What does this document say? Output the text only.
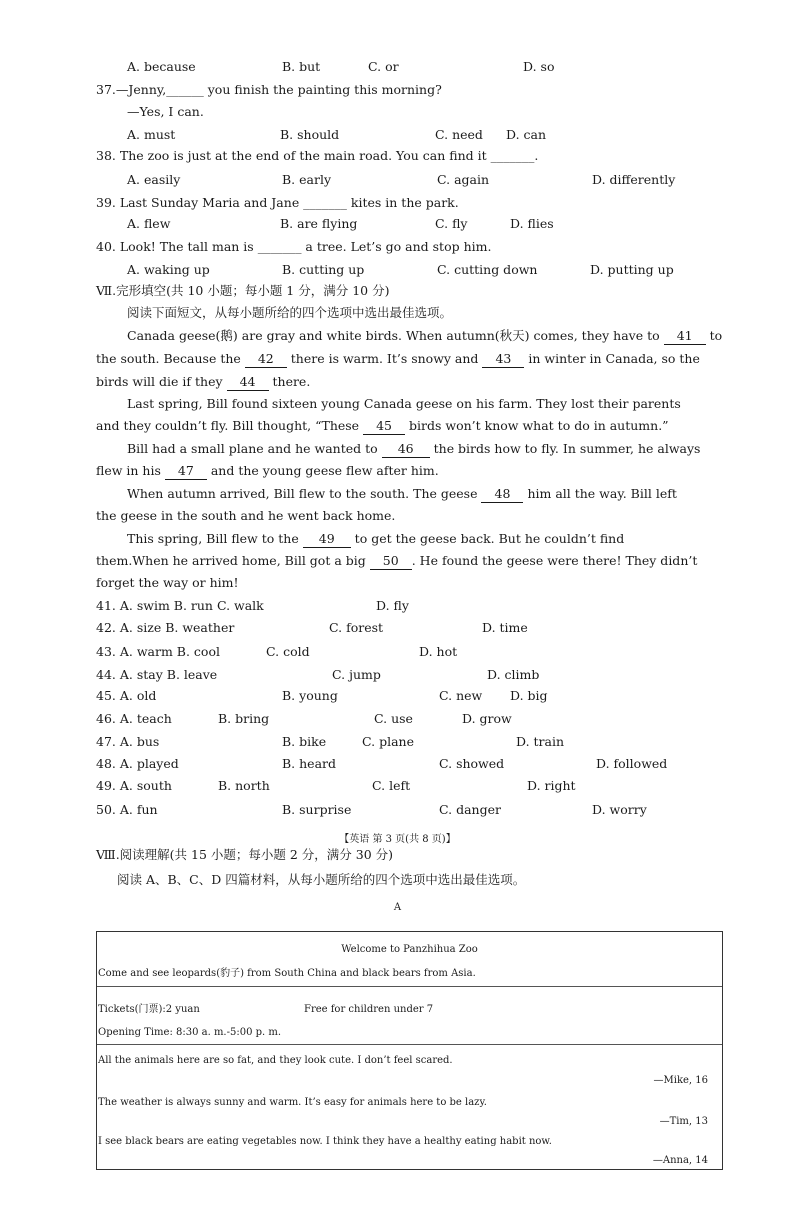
A. because	B. but	C. or	D. so
37.—Jenny,______ you finish the painting this morning?
—Yes, I can.
A. must	B. should	C. need D. can
38. The zoo is just at the end of the main road. You can find it _______.
A. easily	B. early	C. again	D. differently
39. Last Sunday Maria and Jane _______ kites in the park.
A. flew	B. are flying	C. fly	D. flies
40. Look! The tall man is _______ a tree. Let’s go and stop him.
A. waking up	B. cutting up	C. cutting down	D. putting up
Ⅶ.完形填空(共 10 小题；每小题 1 分，满分 10 分)
阅读下面短文，从每小题所给的四个选项中选出最佳选项。
Canada geese(鹅) are gray and white birds. When autumn(秋天) comes, they have to 41 to
the south. Because the 42 there is warm. It’s snowy and 43 in winter in Canada, so the
birds will die if they 44 there.
Last spring, Bill found sixteen young Canada geese on his farm. They lost their parents
and they couldn’t fly. Bill thought, “These 45 birds won’t know what to do in autumn.”
Bill had a small plane and he wanted to 46 the birds how to fly. In summer, he always
flew in his 47 and the young geese flew after him.
When autumn arrived, Bill flew to the south. The geese 48 him all the way. Bill left
the geese in the south and he went back home.
This spring, Bill flew to the 49 to get the geese back. But he couldn’t find
them.When he arrived home, Bill got a big 50 . He found the geese were there! They didn’t
forget the way or him!
41. A. swim B. run C. walk	D. fly
42. A. size B. weather	C. forest	D. time
43. A. warm B. cool	C. cold	D. hot
44. A. stay B. leave	C. jump	D. climb
45. A. old	B. young	C. new D. big
46. A. teach	B. bring	C. use	D. grow
47. A. bus	B. bike	C. plane	D. train
48. A. played	B. heard	C. showed	D. followed
49. A. south	B. north	C. left	D. right
50. A. fun	B. surprise	C. danger	D. worry
【英语 第 3 页(共 8 页)】
Ⅷ.阅读理解(共 15 小题；每小题 2 分，满分 30 分)
阅读 A、B、C、D 四篇材料，从每小题所给的四个选项中选出最佳选项。
A
Welcome to Panzhihua Zoo
Come and see leopards(豹子) from South China and black bears from Asia.
Tickets(门票):2 yuan	Free for children under 7
Opening Time: 8:30 a. m.-5:00 p. m.
All the animals here are so fat, and they look cute. I don’t feel scared.
—Mike, 16
The weather is always sunny and warm. It’s easy for animals here to be lazy.
—Tim, 13
I see black bears are eating vegetables now. I think they have a healthy eating habit now.
—Anna, 14
